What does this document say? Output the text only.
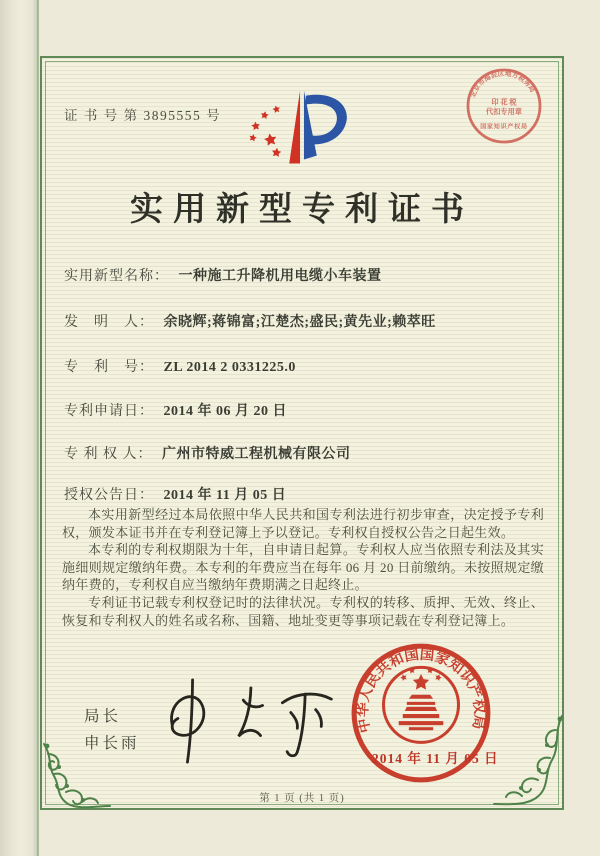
证 书 号 第 3895555 号
实用新型专利证书
实用新型名称： 一种施工升降机用电缆小车装置
发　明　人： 余晓辉;蒋锦富;江楚杰;盛民;黄先业;赖萃旺
专　利　号： ZL 2014 2 0331225.0
专利申请日： 2014 年 06 月 20 日
专 利 权 人： 广州市特威工程机械有限公司
授权公告日： 2014 年 11 月 05 日

本实用新型经过本局依照中华人民共和国专利法进行初步审查，决定授予专利权，颁发本证书并在专利登记簿上予以登记。专利权自授权公告之日起生效。

本专利的专利权期限为十年，自申请日起算。专利权人应当依照专利法及其实施细则规定缴纳年费。本专利的年费应当在每年 06 月 20 日前缴纳。未按照规定缴纳年费的，专利权自应当缴纳年费期满之日起终止。

专利证书记载专利权登记时的法律状况。专利权的转移、质押、无效、终止、恢复和专利权人的姓名或名称、国籍、地址变更等事项记载在专利登记簿上。

局长
申长雨
中华人民共和国国家知识产权局
2014 年 11 月 05 日
北京市海淀区地方税务局
印 花 税
代扣专用章
国家知识产权局
第 1 页 (共 1 页)
